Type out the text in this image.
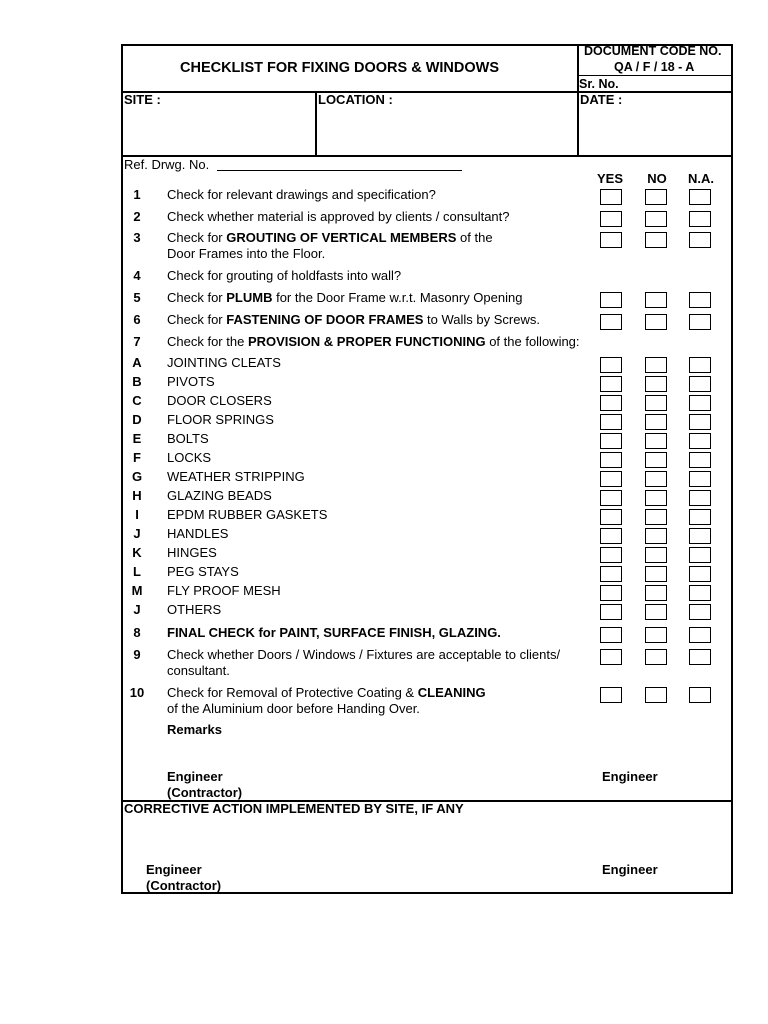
CHECKLIST FOR FIXING DOORS & WINDOWS
DOCUMENT CODE NO.
QA / F / 18 - A
Sr. No.
SITE :	LOCATION :	DATE :
Ref. Drwg. No.
YES	NO	N.A.
1	Check for relevant drawings and specification?
2	Check whether material is approved by clients / consultant?
3	Check for GROUTING OF VERTICAL MEMBERS of the
Door Frames into the Floor.
4	Check for grouting of holdfasts into wall?
5	Check for PLUMB for the Door Frame w.r.t. Masonry Opening
6	Check for FASTENING OF DOOR FRAMES to Walls by Screws.
7	Check for the PROVISION & PROPER FUNCTIONING of the following:
A	JOINTING CLEATS
B	PIVOTS
C	DOOR CLOSERS
D	FLOOR SPRINGS
E	BOLTS
F	LOCKS
G	WEATHER STRIPPING
H	GLAZING BEADS
I	EPDM RUBBER GASKETS
J	HANDLES
K	HINGES
L	PEG STAYS
M	FLY PROOF MESH
J	OTHERS
8	FINAL CHECK for PAINT, SURFACE FINISH, GLAZING.
9	Check whether Doors / Windows / Fixtures are acceptable to clients/
consultant.
10	Check for Removal of Protective Coating & CLEANING
of the Aluminium door before Handing Over.
Remarks
Engineer
(Contractor)
Engineer
CORRECTIVE ACTION IMPLEMENTED BY SITE, IF ANY
Engineer
(Contractor)
Engineer
